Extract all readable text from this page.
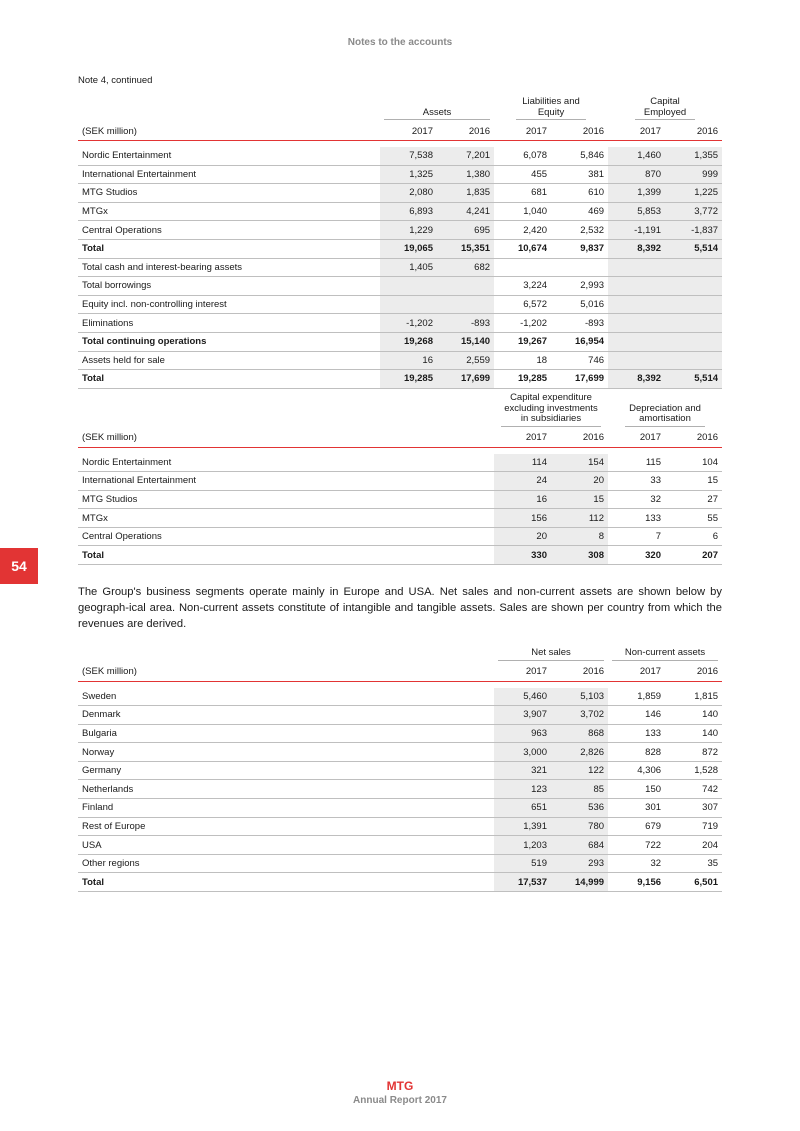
Notes to the accounts
Note 4, continued
	Assets		Liabilities and Equity		Capital Employed	
(SEK million)	2017	2016	2017	2016	2017	2016

Nordic Entertainment	7,538	7,201	6,078	5,846	1,460	1,355
International Entertainment	1,325	1,380	455	381	870	999
MTG Studios	2,080	1,835	681	610	1,399	1,225
MTGx	6,893	4,241	1,040	469	5,853	3,772
Central Operations	1,229	695	2,420	2,532	-1,191	-1,837
Total	19,065	15,351	10,674	9,837	8,392	5,514
Total cash and interest-bearing assets	1,405	682				
Total borrowings			3,224	2,993		
Equity incl. non-controlling interest			6,572	5,016		
Eliminations	-1,202	-893	-1,202	-893		
Total continuing operations	19,268	15,140	19,267	16,954		
Assets held for sale	16	2,559	18	746		
Total	19,285	17,699	19,285	17,699	8,392	5,514
	Capital expenditure excluding investments in subsidiaries		Depreciation and amortisation	
(SEK million)	2017	2016	2017	2016

Nordic Entertainment	114	154	115	104
International Entertainment	24	20	33	15
MTG Studios	16	15	32	27
MTGx	156	112	133	55
Central Operations	20	8	7	6
Total	330	308	320	207
54
The Group's business segments operate mainly in Europe and USA. Net sales and non-current assets are shown below by geograph-ical area. Non-current assets constitute of intangible and tangible assets. Sales are shown per country from which the revenues are derived.
	Net sales		Non-current assets	
(SEK million)	2017	2016	2017	2016

Sweden	5,460	5,103	1,859	1,815
Denmark	3,907	3,702	146	140
Bulgaria	963	868	133	140
Norway	3,000	2,826	828	872
Germany	321	122	4,306	1,528
Netherlands	123	85	150	742
Finland	651	536	301	307
Rest of Europe	1,391	780	679	719
USA	1,203	684	722	204
Other regions	519	293	32	35
Total	17,537	14,999	9,156	6,501
MTG
Annual Report 2017
